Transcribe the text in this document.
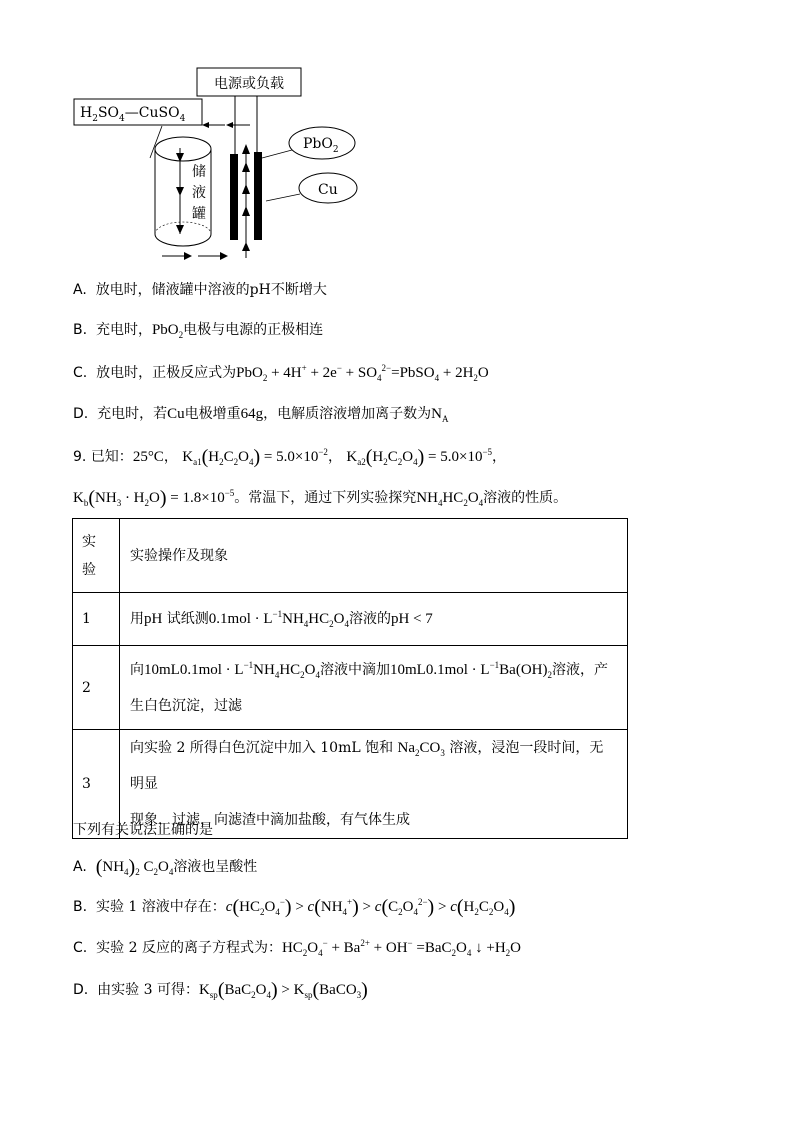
电源或负载
$H_2SO_4—CuSO_4$
储
液
罐
PbO$_2$
Cu
A. 放电时，储液罐中溶液的pH不断增大
B. 充电时，PbO$_2$电极与电源的正极相连
C. 放电时，正极反应式为$PbO_2 + 4H^+ + 2e^- + SO_4^{2-}=PbSO_4 + 2H_2O$
D. 充电时，若Cu电极增重64g，电解质溶液增加离子数为$N_A$
9. 已知：25°C， $K_{a1}(H_2C_2O_4) = 5.0\times 10^{-2}$， $K_{a2}(H_2C_2O_4) = 5.0\times 10^{-5}$，
$K_b(NH_3 \cdot H_2O) = 1.8\times 10^{-5}$。常温下，通过下列实验探究$NH_4HC_2O_4$溶液的性质。
实
验	实验操作及现象
1	用pH 试纸测$0.1mol \cdot L^{-1}NH_4HC_2O_4$溶液的pH < 7
2	向$10mL0.1mol \cdot L^{-1}NH_4HC_2O_4$溶液中滴加$10mL0.1mol \cdot L^{-1}Ba(OH)_2$溶液，产
生白色沉淀，过滤
3	向实验 2 所得白色沉淀中加入 10mL 饱和 $Na_2CO_3$ 溶液，浸泡一段时间，无明显
现象，过滤，向滤渣中滴加盐酸，有气体生成
下列有关说法正确的是
A. $(NH_4)_2$ $C_2O_4$溶液也呈酸性
B. 实验 1 溶液中存在：$c(HC_2O_4^-) > c(NH_4^+) > c(C_2O_4^{2-}) > c(H_2C_2O_4)$
C. 实验 2 反应的离子方程式为：$HC_2O_4^- + Ba^{2+} + OH^- =BaC_2O_4$ ↓ $+H_2O$
D. 由实验 3 可得：$K_{sp}(BaC_2O_4)$ > $K_{sp}(BaCO_3)$
